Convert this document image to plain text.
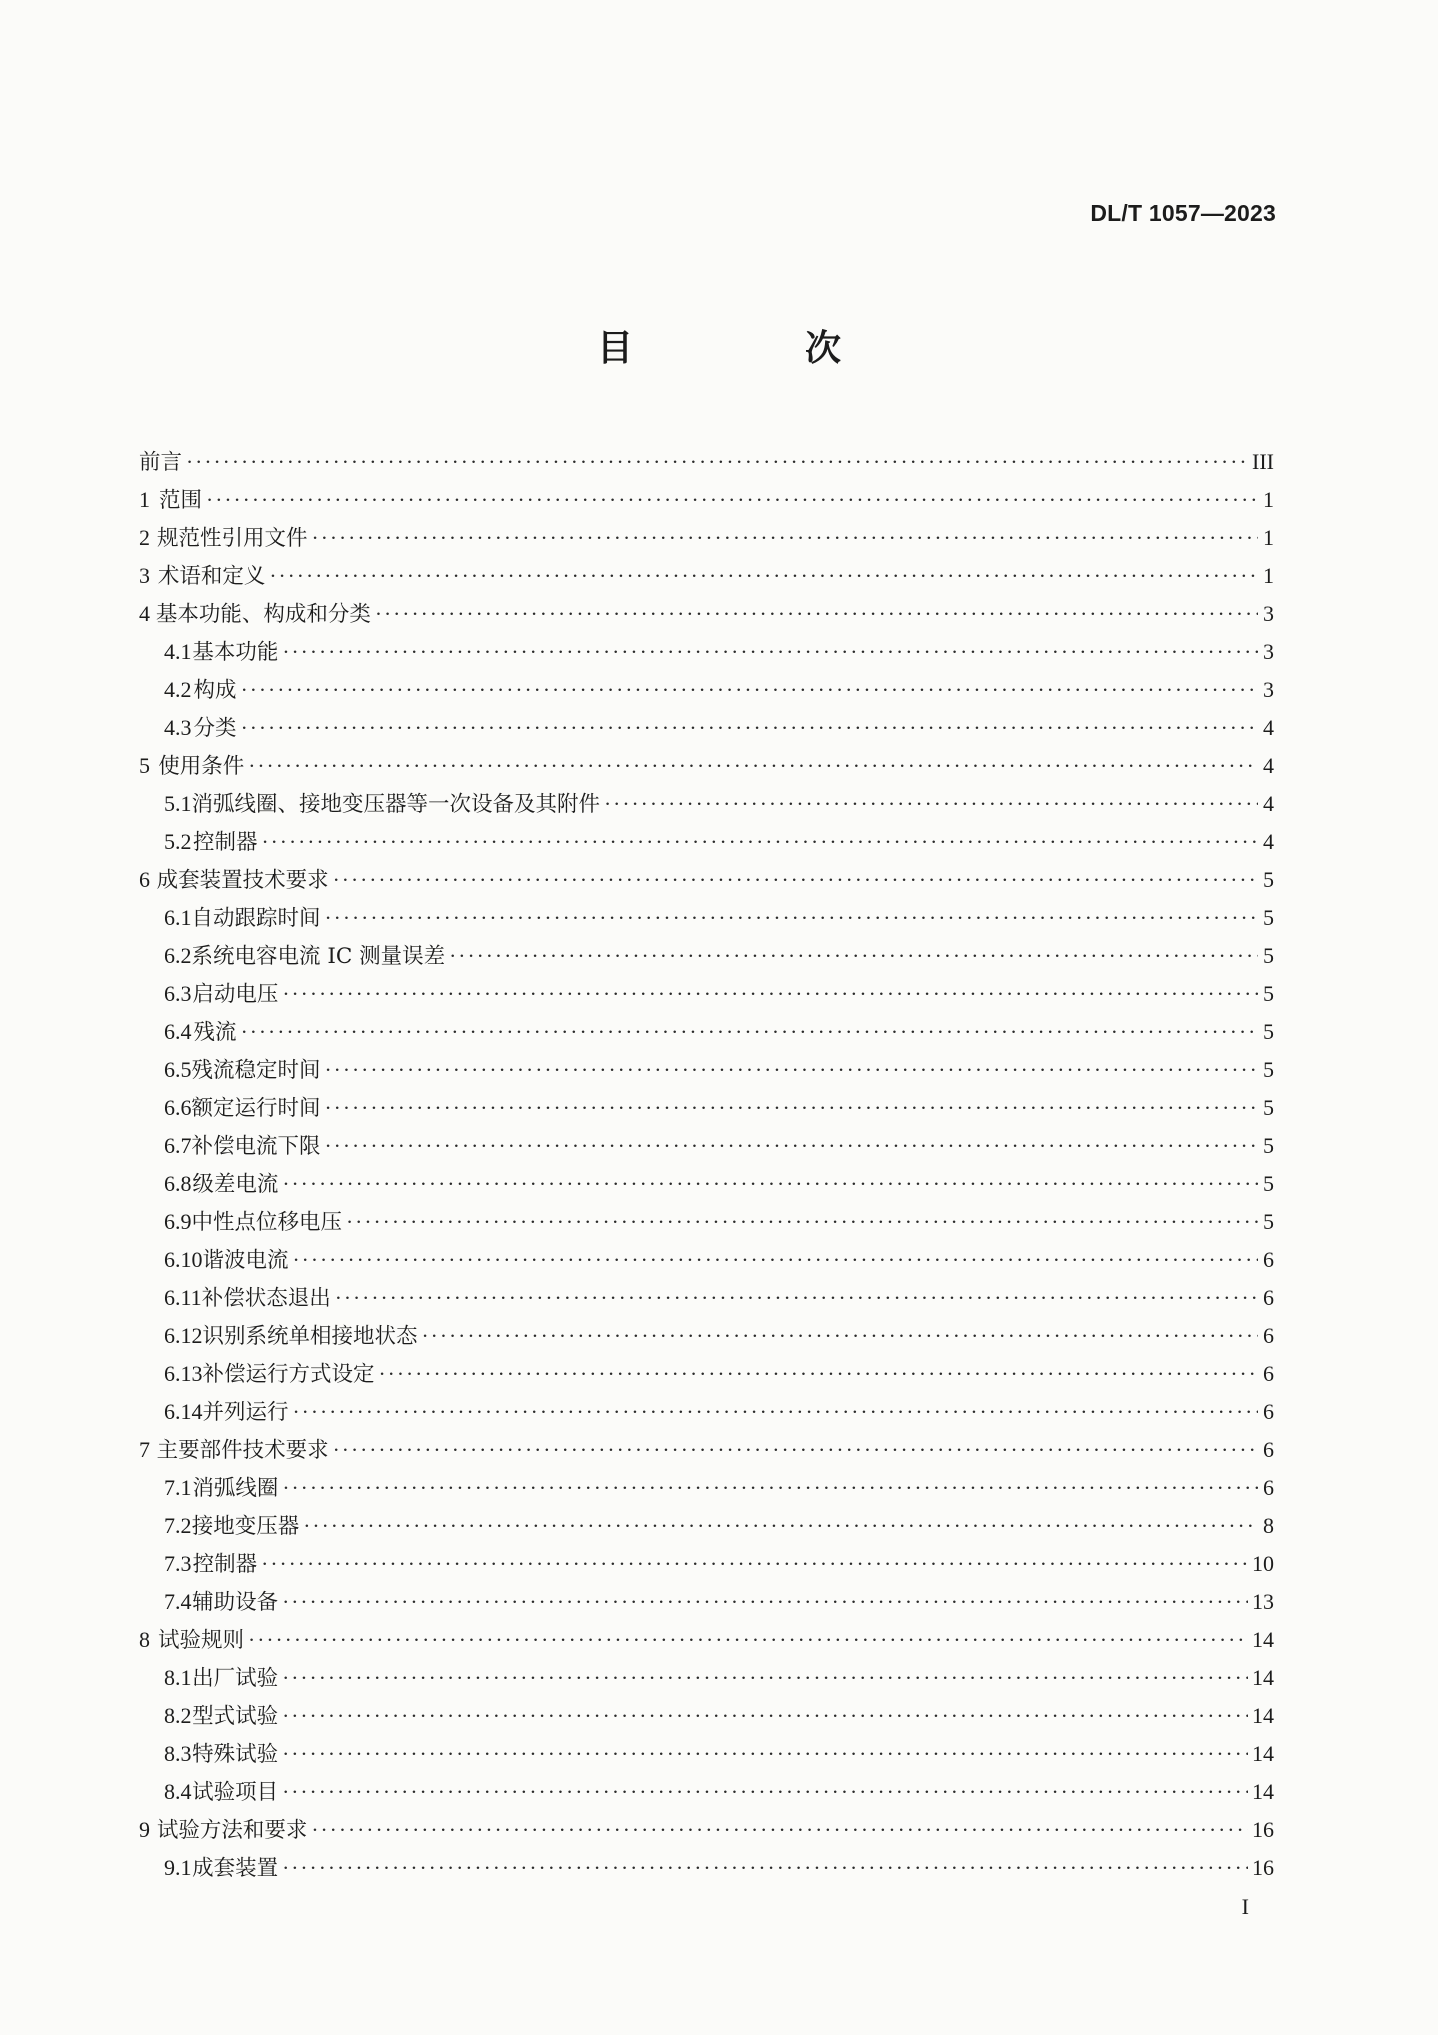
DL/T 1057—2023
目　次
前言 ·····	III
1 范围 ·····	1
2 规范性引用文件 ·····	1
3 术语和定义 ·····	1
4 基本功能、构成和分类 ·····	3
4.1 基本功能 ·····	3
4.2 构成 ·····	3
4.3 分类 ·····	4
5 使用条件 ·····	4
5.1 消弧线圈、接地变压器等一次设备及其附件 ·····	4
5.2 控制器 ·····	4
6 成套装置技术要求 ·····	5
6.1 自动跟踪时间 ·····	5
6.2 系统电容电流 IC 测量误差 ·····	5
6.3 启动电压 ·····	5
6.4 残流 ·····	5
6.5 残流稳定时间 ·····	5
6.6 额定运行时间 ·····	5
6.7 补偿电流下限 ·····	5
6.8 级差电流 ·····	5
6.9 中性点位移电压 ·····	5
6.10 谐波电流 ·····	6
6.11 补偿状态退出 ·····	6
6.12 识别系统单相接地状态 ·····	6
6.13 补偿运行方式设定 ·····	6
6.14 并列运行 ·····	6
7 主要部件技术要求 ·····	6
7.1 消弧线圈 ·····	6
7.2 接地变压器 ·····	8
7.3 控制器 ·····	10
7.4 辅助设备 ·····	13
8 试验规则 ·····	14
8.1 出厂试验 ·····	14
8.2 型式试验 ·····	14
8.3 特殊试验 ·····	14
8.4 试验项目 ·····	14
9 试验方法和要求 ·····	16
9.1 成套装置 ·····	16
I
